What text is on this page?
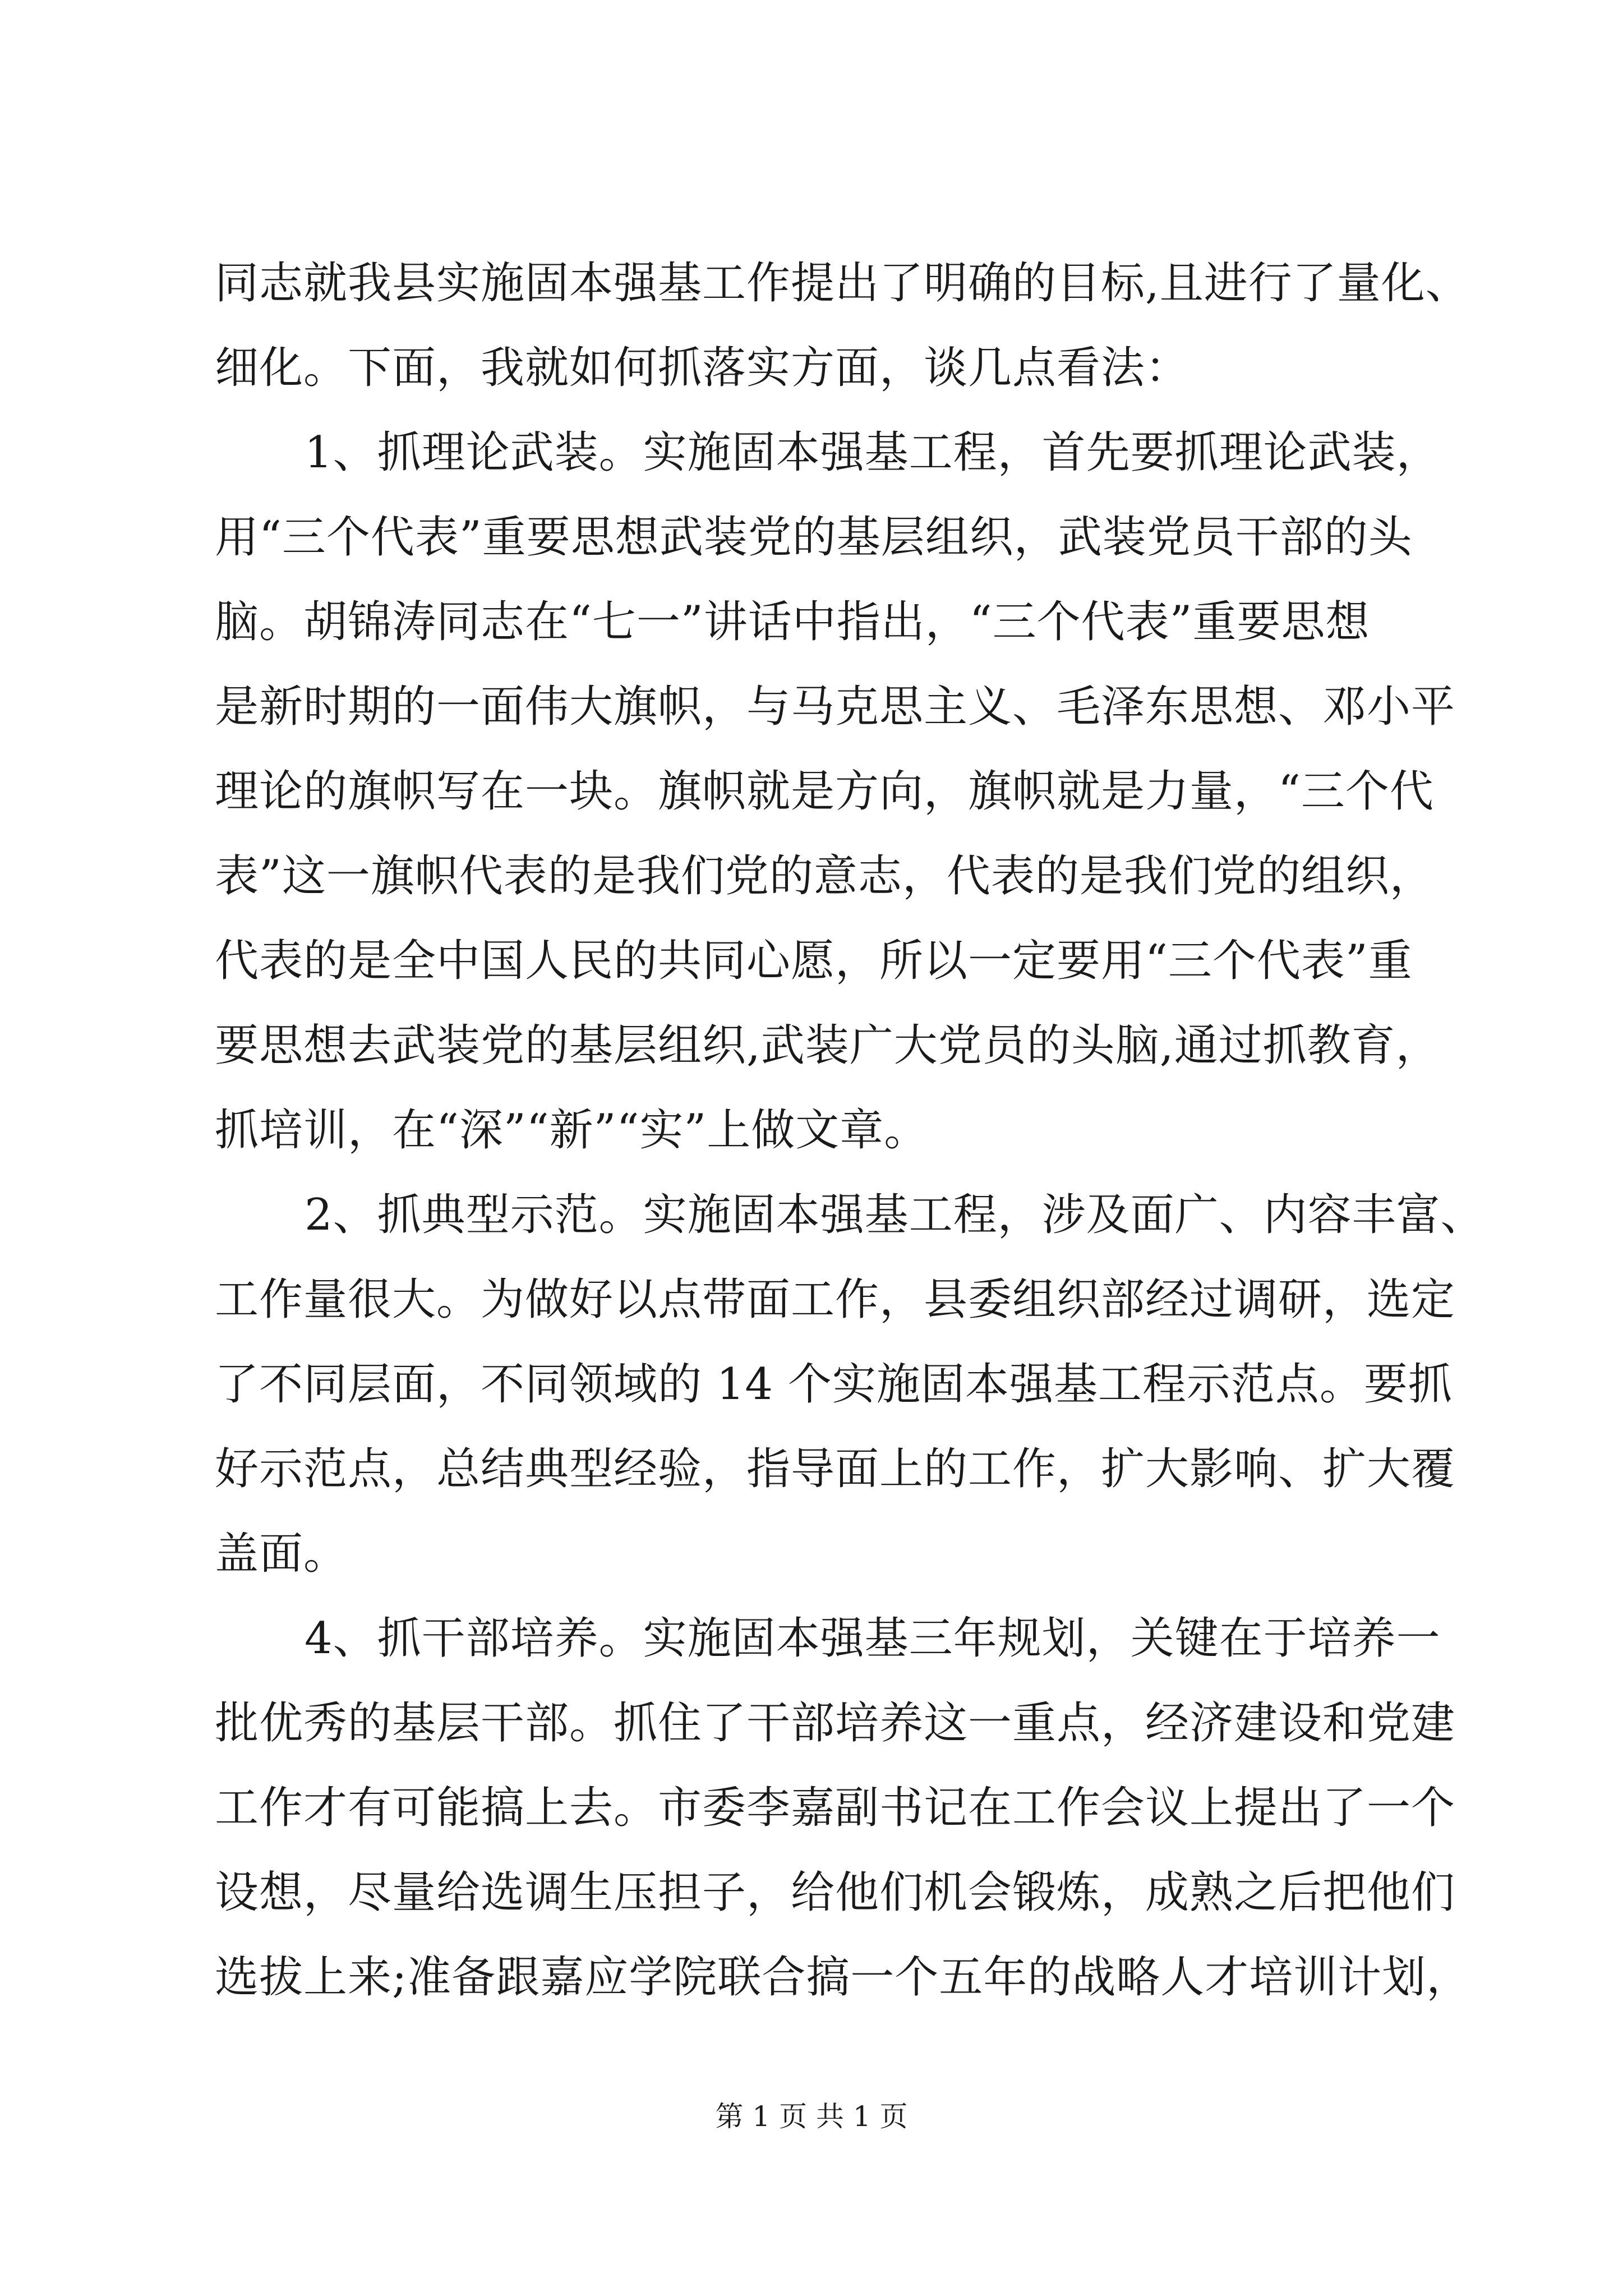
同志就我县实施固本强基工作提出了明确的目标,且进行了量化、
细化。下面，我就如何抓落实方面，谈几点看法：
1、抓理论武装。实施固本强基工程，首先要抓理论武装，
用“三个代表”重要思想武装党的基层组织，武装党员干部的头
脑。胡锦涛同志在“七一”讲话中指出，“三个代表”重要思想
是新时期的一面伟大旗帜，与马克思主义、毛泽东思想、邓小平
理论的旗帜写在一块。旗帜就是方向，旗帜就是力量，“三个代
表”这一旗帜代表的是我们党的意志，代表的是我们党的组织，
代表的是全中国人民的共同心愿，所以一定要用“三个代表”重
要思想去武装党的基层组织,武装广大党员的头脑,通过抓教育，
抓培训，在“深”“新”“实”上做文章。
2、抓典型示范。实施固本强基工程，涉及面广、内容丰富、
工作量很大。为做好以点带面工作，县委组织部经过调研，选定
了不同层面，不同领域的 14 个实施固本强基工程示范点。要抓
好示范点，总结典型经验，指导面上的工作，扩大影响、扩大覆
盖面。
4、抓干部培养。实施固本强基三年规划，关键在于培养一
批优秀的基层干部。抓住了干部培养这一重点，经济建设和党建
工作才有可能搞上去。市委李嘉副书记在工作会议上提出了一个
设想，尽量给选调生压担子，给他们机会锻炼，成熟之后把他们
选拔上来;准备跟嘉应学院联合搞一个五年的战略人才培训计划，
第 1 页 共 1 页
